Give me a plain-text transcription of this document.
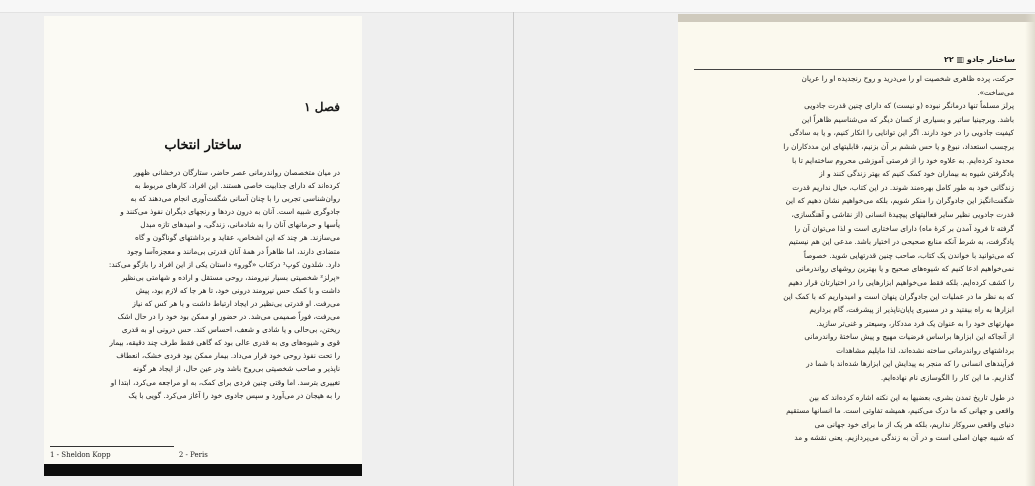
فصل ۱
ساختار انتخاب
در میان متخصصان رواندرمانی عصر حاضر، ستارگان درخشانی ظهور
کرده‌اند که دارای جذابیت خاصی هستند. این افراد، کارهای مربوط به
روان‌شناسی تجربی را با چنان آسانی شگفت‌آوری انجام می‌دهند که به
جادوگری شبیه است. آنان به درون دردها و رنجهای دیگران نفوذ می‌کنند و
یأسها و حرمانهای آنان را به شادمانی، زندگی، و امیدهای تازه مبدل
می‌سازند. هر چند که این اشخاص، عقاید و برداشتهای گوناگون و گاه
متضادی دارند، اما ظاهراً در همهٔ آنان قدرتی بی‌مانند و معجزه‌آسا وجود
دارد. شلدون کوپ¹ درکتاب «گورو» داستان یکی از این افراد را بازگو می‌کند:
«پرلز² شخصیتی بسیار نیرومند، روحی مستقل و اراده و شهامتی بی‌نظیر
داشت و با کمک حس نیرومند درونی خود، تا هر جا که لازم بود، پیش
می‌رفت. او قدرتی بی‌نظیر در ایجاد ارتباط داشت و با هر کس که نیاز
می‌رفت، فوراً صمیمی می‌شد. در حضور او ممکن بود خود را در حال اشک
ریختن، بی‌حالی و یا شادی و شعف، احساس کند. حس درونی او به قدری
قوی و شیوه‌های وی به قدری عالی بود که گاهی فقط طرف چند دقیقه، بیمار
را تحت نفوذ روحی خود قرار می‌داد. بیمار ممکن بود فردی خشک، انعطاف
ناپذیر و صاحب شخصیتی بی‌روح باشد ودر عین حال، از ایجاد هر گونه
تغییری بترسد. اما وقتی چنین فردی برای کمک، به او مراجعه می‌کرد، ابتدا او
را به هیجان در می‌آورد و سپس جادوی خود را آغاز می‌کرد. گویی با یک
1 - Sheldon Kopp	2 - Peris
ساختار جادو ▥ ۲۲
حرکت، پرده ظاهری شخصیت او را می‌درید و روح رنجدیده او را عریان
می‌ساخت».
پرلز مسلماً تنها درمانگر نبوده (و نیست) که دارای چنین قدرت جادویی
باشد. ویرجینیا ساتیر و بسیاری از کسان دیگر که می‌شناسیم ظاهراً این
کیفیت جادویی را در خود دارند. اگر این توانایی را انکار کنیم، و یا به سادگی
برچسب استعداد، نبوغ و یا حس ششم بر آن بزنیم، قابلیتهای این مددکاران را
محدود کرده‌ایم. به علاوه خود را از فرصتی آموزشی محروم ساخته‌ایم تا با
یادگرفتن شیوه به بیماران خود کمک کنیم که بهتر زندگی کنند و از
زندگانی خود به طور کامل بهره‌مند شوند. در این کتاب، خیال نداریم قدرت
شگفت‌انگیز این جادوگران را منکر شویم، بلکه می‌خواهیم نشان دهیم که این
قدرت جادویی نظیر سایر فعالیتهای پیچیدهٔ انسانی (از نقاشی و آهنگسازی،
گرفته تا فرود آمدن بر کرهٔ ماه) دارای ساختاری است و لذا می‌توان آن را
یادگرفت، به شرط آنکه منابع صحیحی در اختیار باشد. مدعی این هم نیستیم
که می‌توانید با خواندن یک کتاب، صاحب چنین قدرتهایی شوید. خصوصاً
نمی‌خواهیم ادعا کنیم که شیوه‌های صحیح و یا بهترین روشهای رواندرمانی
را کشف کرده‌ایم. بلکه فقط می‌خواهیم ابزارهایی را در اختیارتان قرار دهیم
که به نظر ما در عملیات این جادوگران پنهان است و امیدواریم که با کمک این
ابزارها به راه بیفتید و در مسیری پایان‌ناپذیر از پیشرفت، گام برداریم
مهارتهای خود را به عنوان یک فرد مددکار، وسیعتر و غنی‌تر سازید.
از آنجاکه این ابزارها براساس فرضیات مهیج و پیش ساختهٔ رواندرمانی
برداشتهای رواندرمانی ساخته نشده‌اند، لذا مایلیم مشاهدات
فرآیندهای انسانی را که منجر به پیدایش این ابزارها شده‌اند با شما در
گذاریم. ما این کار را الگوسازی نام نهاده‌ایم.
در طول تاریخ تمدن بشری، بعضیها به این نکته اشاره کرده‌اند که بین
واقعی و جهانی که ما درک می‌کنیم، همیشه تفاوتی است. ما انسانها مستقیم
دنیای واقعی سروکار نداریم، بلکه هر یک از ما برای خود جهانی می‌
که شبیه جهان اصلی است و در آن به زندگی می‌پردازیم. یعنی نقشه و مد
